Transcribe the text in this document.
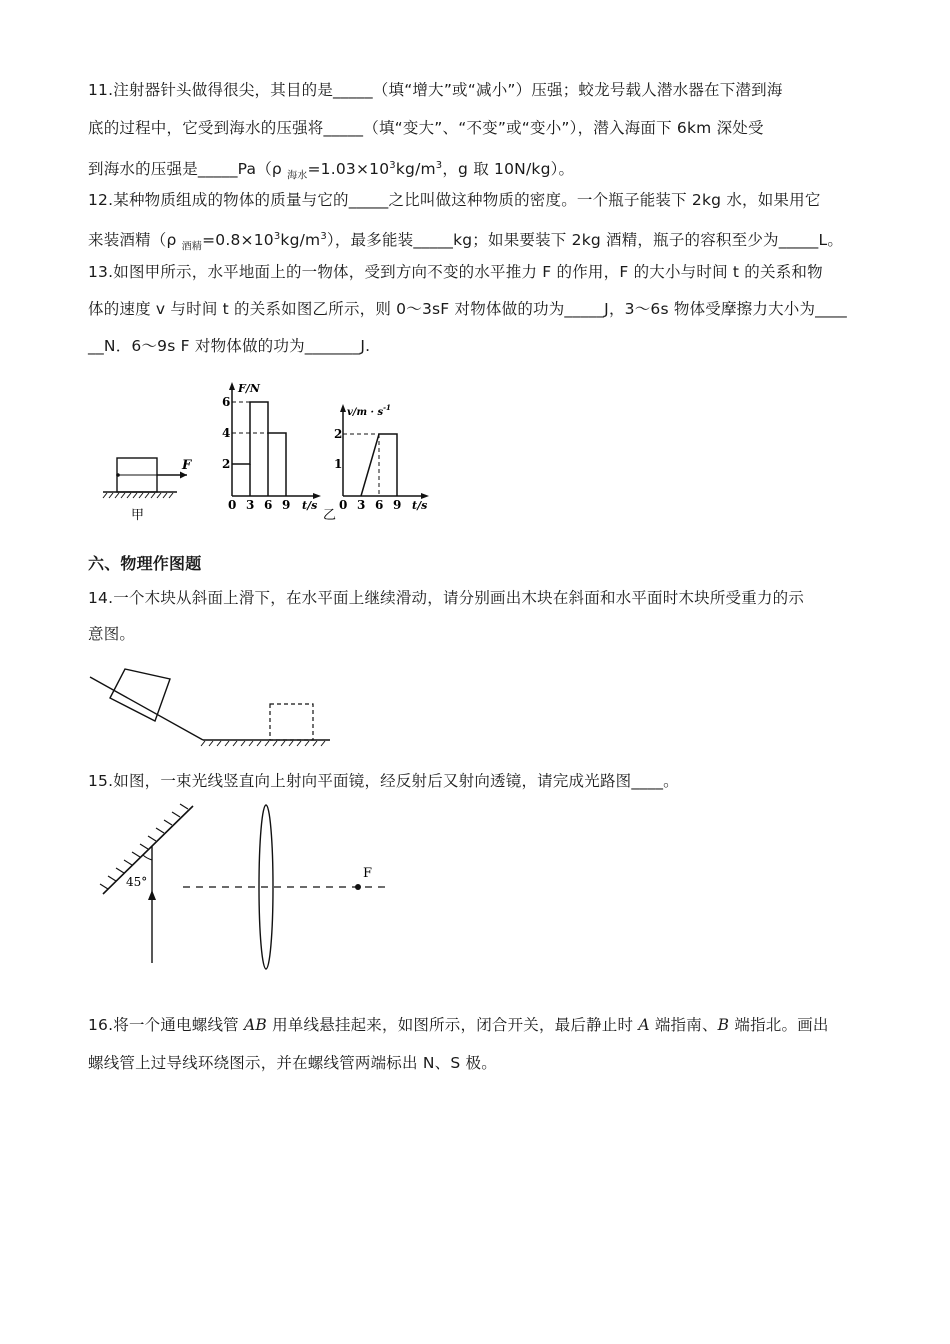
11.注射器针头做得很尖，其目的是_____（填“增大”或“减小”）压强；蛟龙号载人潜水器在下潜到海
底的过程中，它受到海水的压强将_____（填“变大”、“不变”或“变小”），潜入海面下 6km 深处受
到海水的压强是_____Pa（ρ $_{海水}=1.03\times 10^3kg/m^3$，g 取 10N/kg）。
12.某种物质组成的物体的质量与它的_____之比叫做这种物质的密度。一个瓶子能装下 2kg 水，如果用它
来装酒精（ρ $_{酒精}=0.8\times 10^3kg/m^3$），最多能装_____kg；如果要装下 2kg 酒精，瓶子的容积至少为_____L。
13.如图甲所示，水平地面上的一物体，受到方向不变的水平推力 F 的作用，F 的大小与时间 t 的关系和物
体的速度 v 与时间 t 的关系如图乙所示，则 0～3sF 对物体做的功为_____J，3～6s 物体受摩擦力大小为____
__N．6～9s F 对物体做的功为_______J.
F
甲
F/N
t/s
2
4
6
0 3 6 9
乙
$v/m \cdot s^{-1}$
t/s
1
2
0 3 6 9
六、物理作图题
14.一个木块从斜面上滑下，在水平面上继续滑动，请分别画出木块在斜面和水平面时木块所受重力的示
意图。
15.如图，一束光线竖直向上射向平面镜，经反射后又射向透镜，请完成光路图____。
45°
F
16.将一个通电螺线管 AB 用单线悬挂起来，如图所示，闭合开关，最后静止时 A 端指南、B 端指北。画出
螺线管上过导线环绕图示，并在螺线管两端标出 N、S 极。
